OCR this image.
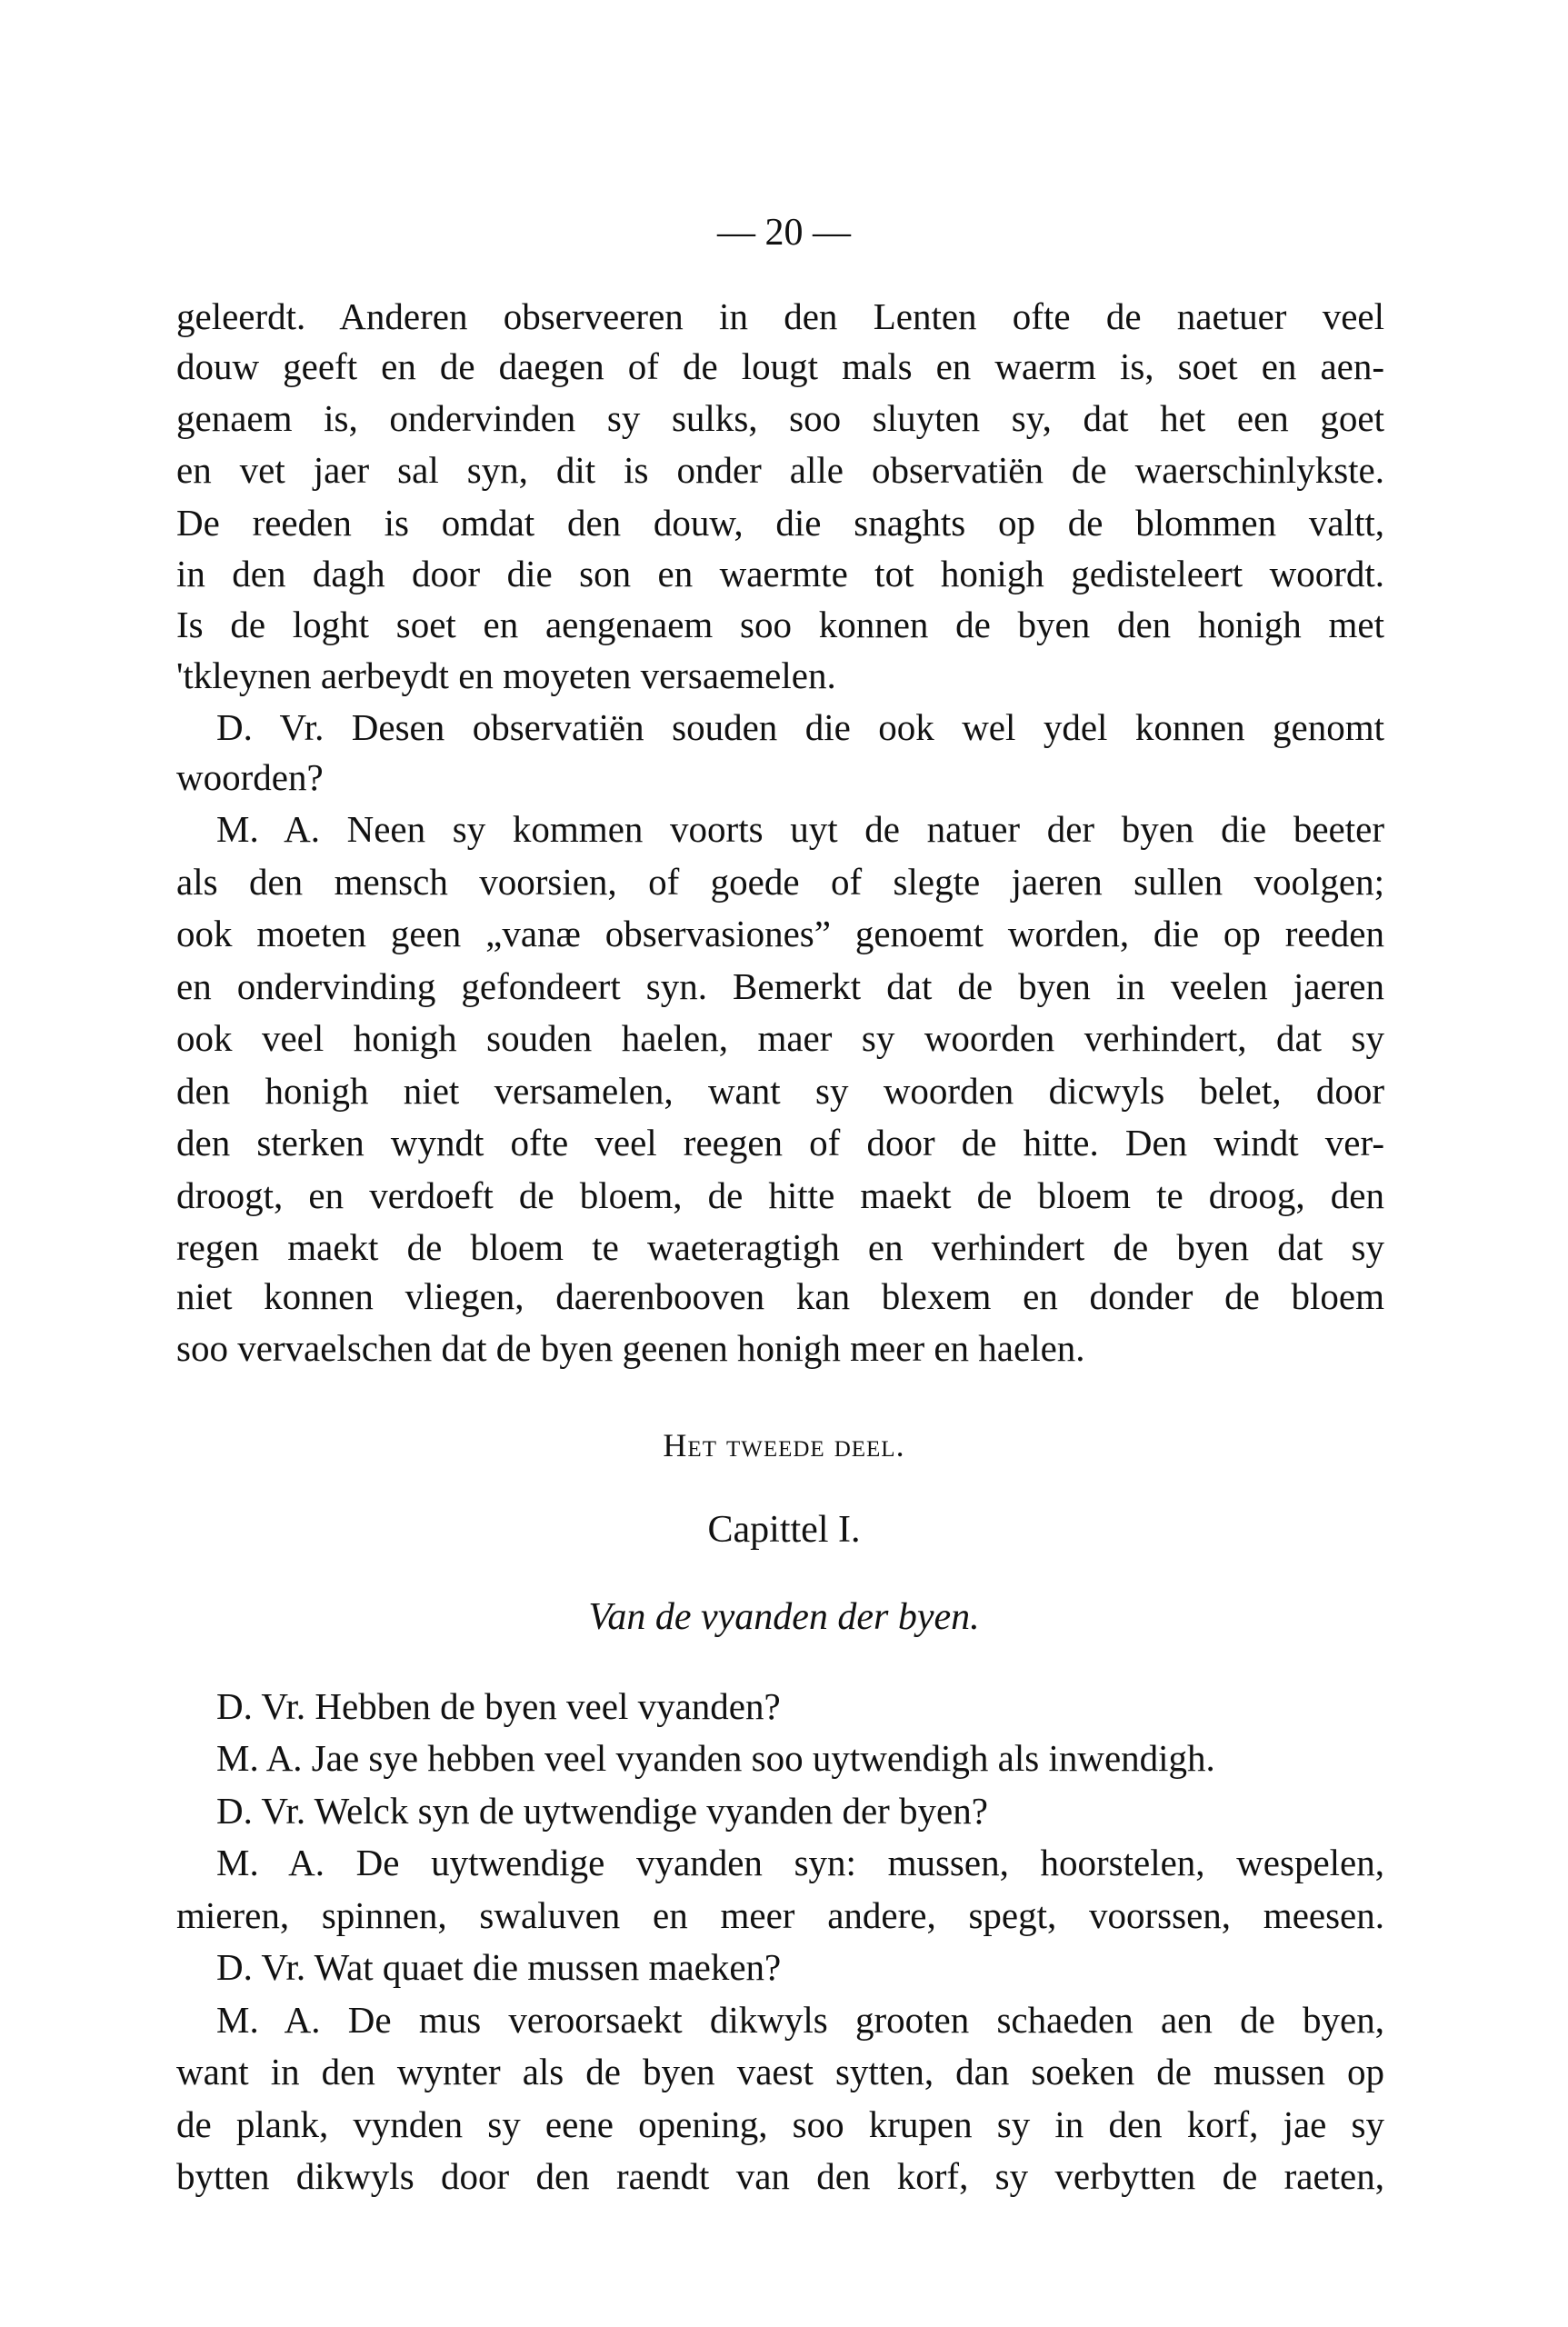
— 20 —
geleerdt. Anderen observeeren in den Lenten ofte de naetuer veel
douw geeft en de daegen of de lougt mals en waerm is, soet en aen-
genaem is, ondervinden sy sulks, soo sluyten sy, dat het een goet
en vet jaer sal syn, dit is onder alle observatiën de waerschinlykste.
De reeden is omdat den douw, die snaghts op de blommen valtt,
in den dagh door die son en waermte tot honigh gedisteleert woordt.
Is de loght soet en aengenaem soo konnen de byen den honigh met
'tkleynen aerbeydt en moyeten versaemelen.
D. Vr. Desen observatiën souden die ook wel ydel konnen genomt
woorden?
M. A. Neen sy kommen voorts uyt de natuer der byen die beeter
als den mensch voorsien, of goede of slegte jaeren sullen voolgen;
ook moeten geen „vanæ observasiones” genoemt worden, die op reeden
en ondervinding gefondeert syn. Bemerkt dat de byen in veelen jaeren
ook veel honigh souden haelen, maer sy woorden verhindert, dat sy
den honigh niet versamelen, want sy woorden dicwyls belet, door
den sterken wyndt ofte veel reegen of door de hitte. Den windt ver-
droogt, en verdoeft de bloem, de hitte maekt de bloem te droog, den
regen maekt de bloem te waeteragtigh en verhindert de byen dat sy
niet konnen vliegen, daerenbooven kan blexem en donder de bloem
soo vervaelschen dat de byen geenen honigh meer en haelen.
Het tweede deel.
Capittel I.
Van de vyanden der byen.
D. Vr. Hebben de byen veel vyanden?
M. A. Jae sye hebben veel vyanden soo uytwendigh als inwendigh.
D. Vr. Welck syn de uytwendige vyanden der byen?
M. A. De uytwendige vyanden syn: mussen, hoorstelen, wespelen,
mieren, spinnen, swaluven en meer andere, spegt, voorssen, meesen.
D. Vr. Wat quaet die mussen maeken?
M. A. De mus veroorsaekt dikwyls grooten schaeden aen de byen,
want in den wynter als de byen vaest sytten, dan soeken de mussen op
de plank, vynden sy eene opening, soo krupen sy in den korf, jae sy
bytten dikwyls door den raendt van den korf, sy verbytten de raeten,
